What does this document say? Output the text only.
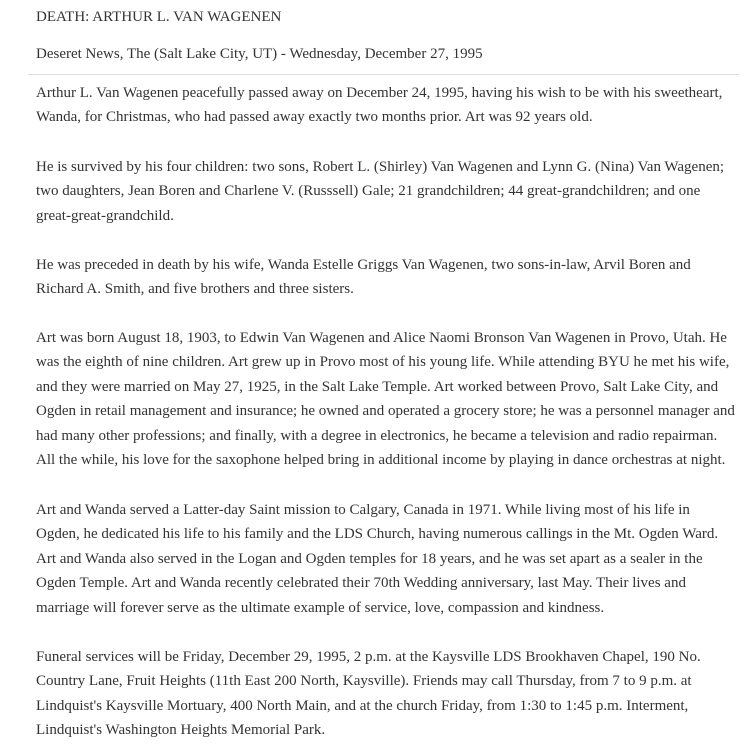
DEATH: ARTHUR L. VAN WAGENEN
Deseret News, The (Salt Lake City, UT) - Wednesday, December 27, 1995

Arthur L. Van Wagenen peacefully passed away on December 24, 1995, having his wish to be with his sweetheart, Wanda, for Christmas, who had passed away exactly two months prior. Art was 92 years old.

He is survived by his four children: two sons, Robert L. (Shirley) Van Wagenen and Lynn G. (Nina) Van Wagenen; two daughters, Jean Boren and Charlene V. (Russsell) Gale; 21 grandchildren; 44 great-grandchildren; and one great-great-grandchild.

He was preceded in death by his wife, Wanda Estelle Griggs Van Wagenen, two sons-in-law, Arvil Boren and Richard A. Smith, and five brothers and three sisters.

Art was born August 18, 1903, to Edwin Van Wagenen and Alice Naomi Bronson Van Wagenen in Provo, Utah. He was the eighth of nine children. Art grew up in Provo most of his young life. While attending BYU he met his wife, and they were married on May 27, 1925, in the Salt Lake Temple. Art worked between Provo, Salt Lake City, and Ogden in retail management and insurance; he owned and operated a grocery store; he was a personnel manager and had many other professions; and finally, with a degree in electronics, he became a television and radio repairman. All the while, his love for the saxophone helped bring in additional income by playing in dance orchestras at night.

Art and Wanda served a Latter-day Saint mission to Calgary, Canada in 1971. While living most of his life in Ogden, he dedicated his life to his family and the LDS Church, having numerous callings in the Mt. Ogden Ward. Art and Wanda also served in the Logan and Ogden temples for 18 years, and he was set apart as a sealer in the Ogden Temple. Art and Wanda recently celebrated their 70th Wedding anniversary, last May. Their lives and marriage will forever serve as the ultimate example of service, love, compassion and kindness.

Funeral services will be Friday, December 29, 1995, 2 p.m. at the Kaysville LDS Brookhaven Chapel, 190 No. Country Lane, Fruit Heights (11th East 200 North, Kaysville). Friends may call Thursday, from 7 to 9 p.m. at Lindquist's Kaysville Mortuary, 400 North Main, and at the church Friday, from 1:30 to 1:45 p.m. Interment, Lindquist's Washington Heights Memorial Park.
